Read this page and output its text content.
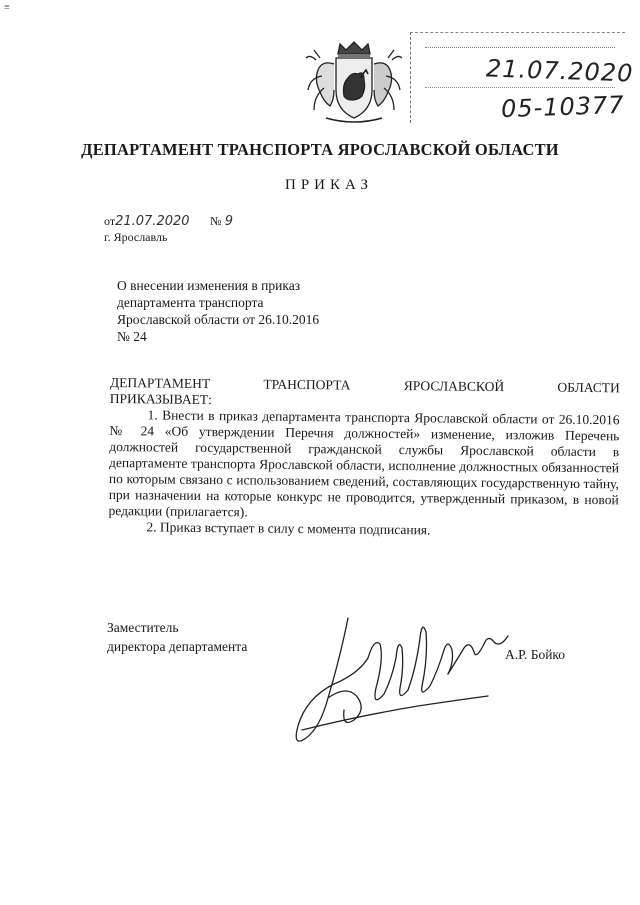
≡
21.07.2020
05-10377
ДЕПАРТАМЕНТ ТРАНСПОРТА ЯРОСЛАВСКОЙ ОБЛАСТИ
ПРИКАЗ
от21.07.2020 № 9
г. Ярославль
О внесении изменения в приказ
департамента транспорта
Ярославской области от 26.10.2016
№ 24
ДЕПАРТАМЕНТ	ТРАНСПОРТА	ЯРОСЛАВСКОЙ	ОБЛАСТИ
ПРИКАЗЫВАЕТ:

1. Внести в приказ департамента транспорта Ярославской области от 26.10.2016 № 24 «Об утверждении Перечня должностей» изменение, изложив Перечень должностей государственной гражданской службы Ярославской области в департаменте транспорта Ярославской области, исполнение должностных обязанностей по которым связано с использованием сведений, составляющих государственную тайну, при назначении на которые конкурс не проводится, утвержденный приказом, в новой редакции (прилагается).

2. Приказ вступает в силу с момента подписания.

Заместитель
директора департамента
А.Р. Бойко
